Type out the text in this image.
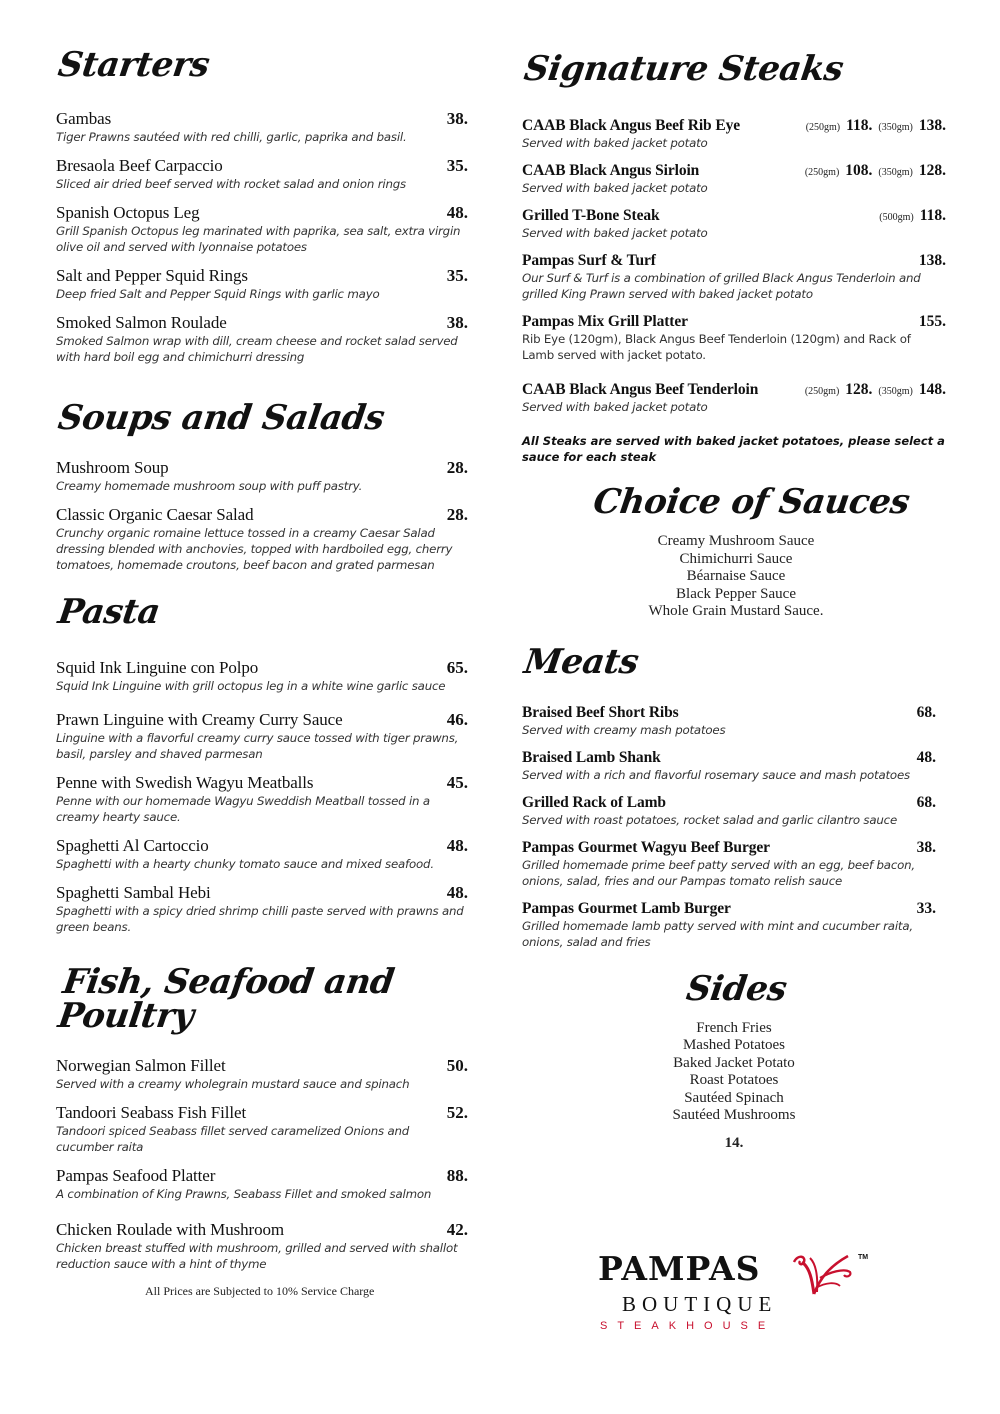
Starters
Gambas	38.
Tiger Prawns sautéed with red chilli, garlic, paprika and basil.
Bresaola Beef Carpaccio	35.
Sliced air dried beef served with rocket salad and onion rings
Spanish Octopus Leg	48.
Grill Spanish Octopus leg marinated with paprika, sea salt, extra virgin olive oil and served with lyonnaise potatoes
Salt and Pepper Squid Rings	35.
Deep fried Salt and Pepper Squid Rings with garlic mayo
Smoked Salmon Roulade	38.
Smoked Salmon wrap with dill, cream cheese and rocket salad served with hard boil egg and chimichurri dressing
Soups and Salads
Mushroom Soup	28.
Creamy homemade mushroom soup with puff pastry.
Classic Organic Caesar Salad	28.
Crunchy organic romaine lettuce tossed in a creamy Caesar Salad dressing blended with anchovies, topped with hardboiled egg, cherry tomatoes, homemade croutons, beef bacon and grated parmesan
Pasta
Squid Ink Linguine con Polpo	65.
Squid Ink Linguine with grill octopus leg in a white wine garlic sauce
Prawn Linguine with Creamy Curry Sauce	46.
Linguine with a flavorful creamy curry sauce tossed with tiger prawns, basil, parsley and shaved parmesan
Penne with Swedish Wagyu Meatballs	45.
Penne with our homemade Wagyu Sweddish Meatball tossed in a creamy hearty sauce.
Spaghetti Al Cartoccio	48.
Spaghetti with a hearty chunky tomato sauce and mixed seafood.
Spaghetti Sambal Hebi	48.
Spaghetti with a spicy dried shrimp chilli paste served with prawns and green beans.
Fish, Seafood and Poultry
Norwegian Salmon Fillet	50.
Served with a creamy wholegrain mustard sauce and spinach
Tandoori Seabass Fish Fillet	52.
Tandoori spiced Seabass fillet served caramelized Onions and cucumber raita
Pampas Seafood Platter	88.
A combination of King Prawns, Seabass Fillet and smoked salmon
Chicken Roulade with Mushroom	42.
Chicken breast stuffed with mushroom, grilled and served with shallot reduction sauce with a hint of thyme
All Prices are Subjected to 10% Service Charge
Signature Steaks
CAAB Black Angus Beef Rib Eye	(250gm) 118. (350gm) 138.
Served with baked jacket potato
CAAB Black Angus Sirloin	(250gm) 108. (350gm) 128.
Served with baked jacket potato
Grilled T-Bone Steak	(500gm) 118.
Served with baked jacket potato
Pampas Surf & Turf	138.
Our Surf & Turf is a combination of grilled Black Angus Tenderloin and grilled King Prawn served with baked jacket potato
Pampas Mix Grill Platter	155.
Rib Eye (120gm), Black Angus Beef Tenderloin (120gm) and Rack of Lamb served with jacket potato.
CAAB Black Angus Beef Tenderloin	(250gm) 128. (350gm) 148.
Served with baked jacket potato
All Steaks are served with baked jacket potatoes, please select a sauce for each steak
Choice of Sauces
Creamy Mushroom Sauce
Chimichurri Sauce
Béarnaise Sauce
Black Pepper Sauce
Whole Grain Mustard Sauce.
Meats
Braised Beef Short Ribs	68.
Served with creamy mash potatoes
Braised Lamb Shank	48.
Served with a rich and flavorful rosemary sauce and mash potatoes
Grilled Rack of Lamb	68.
Served with roast potatoes, rocket salad and garlic cilantro sauce
Pampas Gourmet Wagyu Beef Burger	38.
Grilled homemade prime beef patty served with an egg, beef bacon, onions, salad, fries and our Pampas tomato relish sauce
Pampas Gourmet Lamb Burger	33.
Grilled homemade lamb patty served with mint and cucumber raita, onions, salad and fries
Sides
French Fries
Mashed Potatoes
Baked Jacket Potato
Roast Potatoes
Sautéed Spinach
Sautéed Mushrooms
14.
PAMPAS
BOUTIQUE
STEAKHOUSE
TM
